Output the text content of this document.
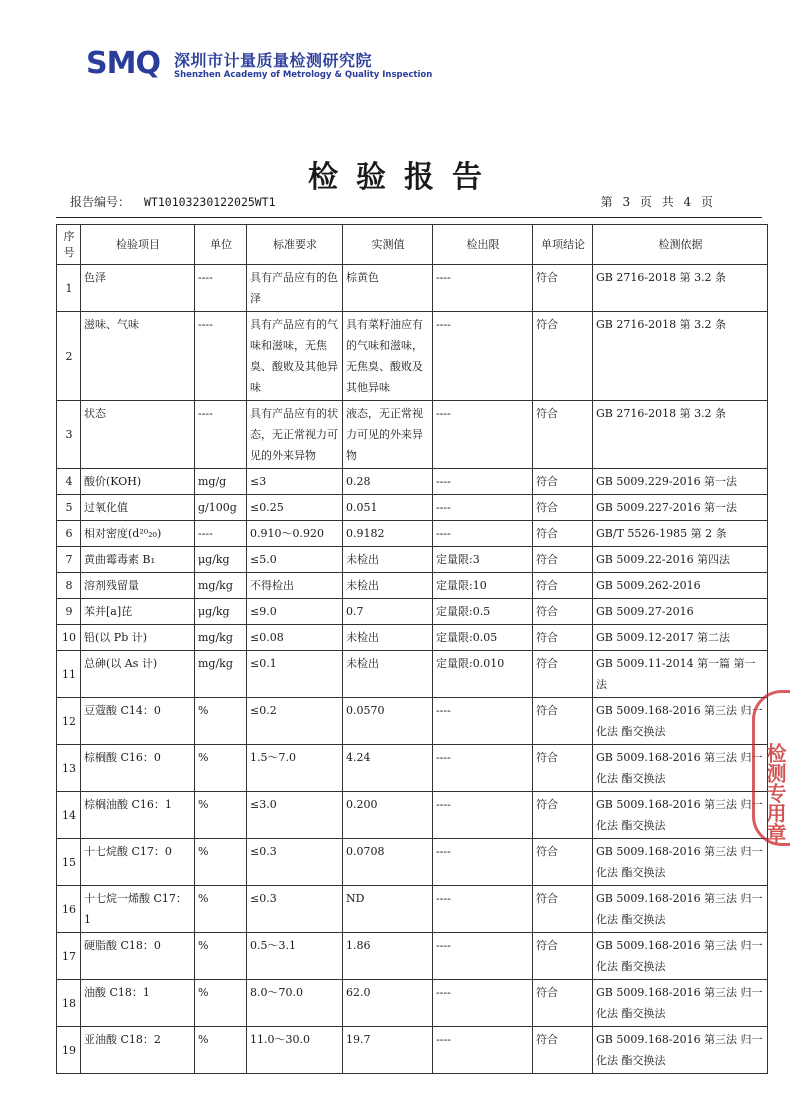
SMQ 深圳市计量质量检测研究院
Shenzhen Academy of Metrology & Quality Inspection
检验报告
报告编号： WT10103230122025WT1	第 3 页 共 4 页
序号	检验项目	单位	标准要求	实测值	检出限	单项结论	检测依据
1	色泽	----	具有产品应有的色泽	棕黄色	----	符合	GB 2716-2018 第 3.2 条
2	滋味、气味	----	具有产品应有的气味和滋味，无焦臭、酸败及其他异味	具有菜籽油应有的气味和滋味，无焦臭、酸败及其他异味	----	符合	GB 2716-2018 第 3.2 条
3	状态	----	具有产品应有的状态，无正常视力可见的外来异物	液态，无正常视力可见的外来异物	----	符合	GB 2716-2018 第 3.2 条
4	酸价(KOH)	mg/g	≤3	0.28	----	符合	GB 5009.229-2016 第一法
5	过氧化值	g/100g	≤0.25	0.051	----	符合	GB 5009.227-2016 第一法
6	相对密度(d²⁰₂₀)	----	0.910～0.920	0.9182	----	符合	GB/T 5526-1985 第 2 条
7	黄曲霉毒素 B₁	μg/kg	≤5.0	未检出	定量限:3	符合	GB 5009.22-2016 第四法
8	溶剂残留量	mg/kg	不得检出	未检出	定量限:10	符合	GB 5009.262-2016
9	苯并[a]芘	μg/kg	≤9.0	0.7	定量限:0.5	符合	GB 5009.27-2016
10	铅(以 Pb 计)	mg/kg	≤0.08	未检出	定量限:0.05	符合	GB 5009.12-2017 第二法
11	总砷(以 As 计)	mg/kg	≤0.1	未检出	定量限:0.010	符合	GB 5009.11-2014 第一篇 第一法
12	豆蔻酸 C14：0	%	≤0.2	0.0570	----	符合	GB 5009.168-2016 第三法 归一化法 酯交换法
13	棕榈酸 C16：0	%	1.5～7.0	4.24	----	符合	GB 5009.168-2016 第三法 归一化法 酯交换法
14	棕榈油酸 C16：1	%	≤3.0	0.200	----	符合	GB 5009.168-2016 第三法 归一化法 酯交换法
15	十七烷酸 C17：0	%	≤0.3	0.0708	----	符合	GB 5009.168-2016 第三法 归一化法 酯交换法
16	十七烷一烯酸 C17：1	%	≤0.3	ND	----	符合	GB 5009.168-2016 第三法 归一化法 酯交换法
17	硬脂酸 C18：0	%	0.5～3.1	1.86	----	符合	GB 5009.168-2016 第三法 归一化法 酯交换法
18	油酸 C18：1	%	8.0～70.0	62.0	----	符合	GB 5009.168-2016 第三法 归一化法 酯交换法
19	亚油酸 C18：2	%	11.0～30.0	19.7	----	符合	GB 5009.168-2016 第三法 归一化法 酯交换法
检测专用章
